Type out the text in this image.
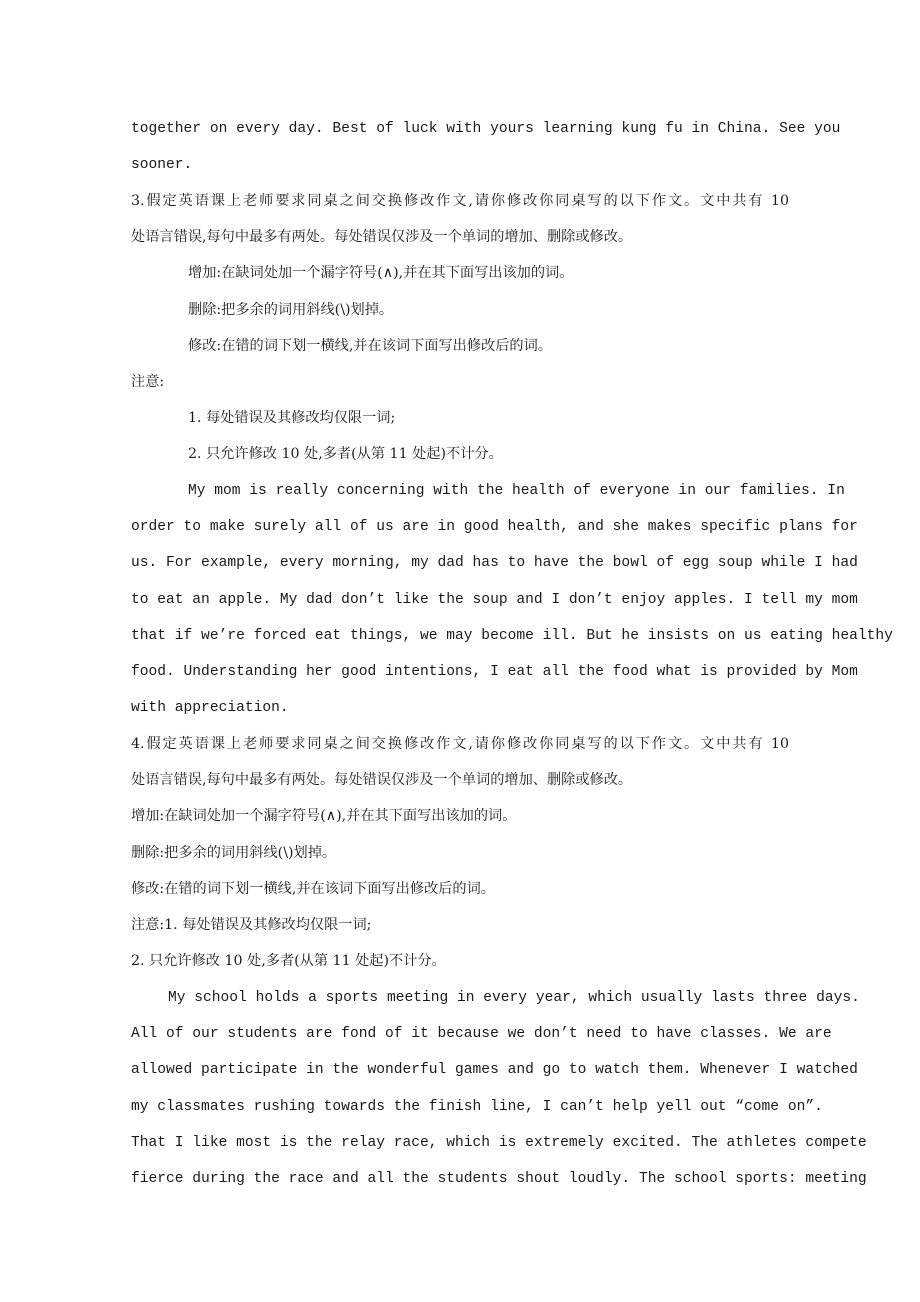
together on every day. Best of luck with yours learning kung fu in China. See you
sooner.
3.假定英语课上老师要求同桌之间交换修改作文,请你修改你同桌写的以下作文。文中共有 10
处语言错误,每句中最多有两处。每处错误仅涉及一个单词的增加、删除或修改。
增加:在缺词处加一个漏字符号(∧),并在其下面写出该加的词。
删除:把多余的词用斜线(\)划掉。
修改:在错的词下划一横线,并在该词下面写出修改后的词。
注意:
1. 每处错误及其修改均仅限一词;
2. 只允许修改 10 处,多者(从第 11 处起)不计分。
My mom is really concerning with the health of everyone in our families. In
order to make surely all of us are in good health, and she makes specific plans for
us. For example, every morning, my dad has to have the bowl of egg soup while I had
to eat an apple. My dad don’t like the soup and I don’t enjoy apples. I tell my mom
that if we’re forced eat things, we may become ill. But he insists on us eating healthy
food. Understanding her good intentions, I eat all the food what is provided by Mom
with appreciation.
4.假定英语课上老师要求同桌之间交换修改作文,请你修改你同桌写的以下作文。文中共有 10
处语言错误,每句中最多有两处。每处错误仅涉及一个单词的增加、删除或修改。
增加:在缺词处加一个漏字符号(∧),并在其下面写出该加的词。
删除:把多余的词用斜线(\)划掉。
修改:在错的词下划一横线,并在该词下面写出修改后的词。
注意:1. 每处错误及其修改均仅限一词;
2. 只允许修改 10 处,多者(从第 11 处起)不计分。
My school holds a sports meeting in every year, which usually lasts three days.
All of our students are fond of it because we don’t need to have classes. We are
allowed participate in the wonderful games and go to watch them. Whenever I watched
my classmates rushing towards the finish line, I can’t help yell out “come on”.
That I like most is the relay race, which is extremely excited. The athletes compete
fierce during the race and all the students shout loudly. The school sports: meeting
